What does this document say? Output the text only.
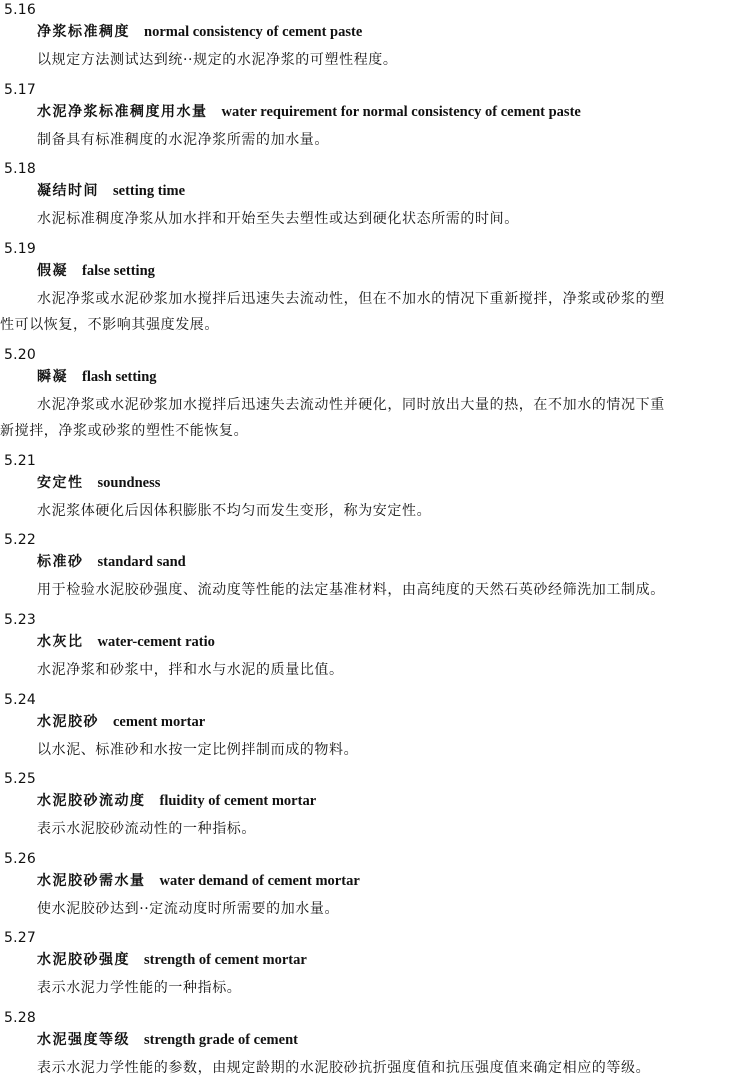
5.16
净浆标准稠度 normal consistency of cement paste
以规定方法测试达到统··规定的水泥净浆的可塑性程度。
5.17
水泥净浆标准稠度用水量 water requirement for normal consistency of cement paste
制备具有标准稠度的水泥净浆所需的加水量。
5.18
凝结时间 setting time
水泥标准稠度净浆从加水拌和开始至失去塑性或达到硬化状态所需的时间。
5.19
假凝 false setting
水泥净浆或水泥砂浆加水搅拌后迅速失去流动性，但在不加水的情况下重新搅拌，净浆或砂浆的塑
性可以恢复，不影响其强度发展。
5.20
瞬凝 flash setting
水泥净浆或水泥砂浆加水搅拌后迅速失去流动性并硬化，同时放出大量的热，在不加水的情况下重
新搅拌，净浆或砂浆的塑性不能恢复。
5.21
安定性 soundness
水泥浆体硬化后因体积膨胀不均匀而发生变形，称为安定性。
5.22
标准砂 standard sand
用于检验水泥胶砂强度、流动度等性能的法定基准材料，由高纯度的天然石英砂经筛洗加工制成。
5.23
水灰比 water-cement ratio
水泥净浆和砂浆中，拌和水与水泥的质量比值。
5.24
水泥胶砂 cement mortar
以水泥、标准砂和水按一定比例拌制而成的物料。
5.25
水泥胶砂流动度 fluidity of cement mortar
表示水泥胶砂流动性的一种指标。
5.26
水泥胶砂需水量 water demand of cement mortar
使水泥胶砂达到··定流动度时所需要的加水量。
5.27
水泥胶砂强度 strength of cement mortar
表示水泥力学性能的一种指标。
5.28
水泥强度等级 strength grade of cement
表示水泥力学性能的参数，由规定龄期的水泥胶砂抗折强度值和抗压强度值来确定相应的等级。
